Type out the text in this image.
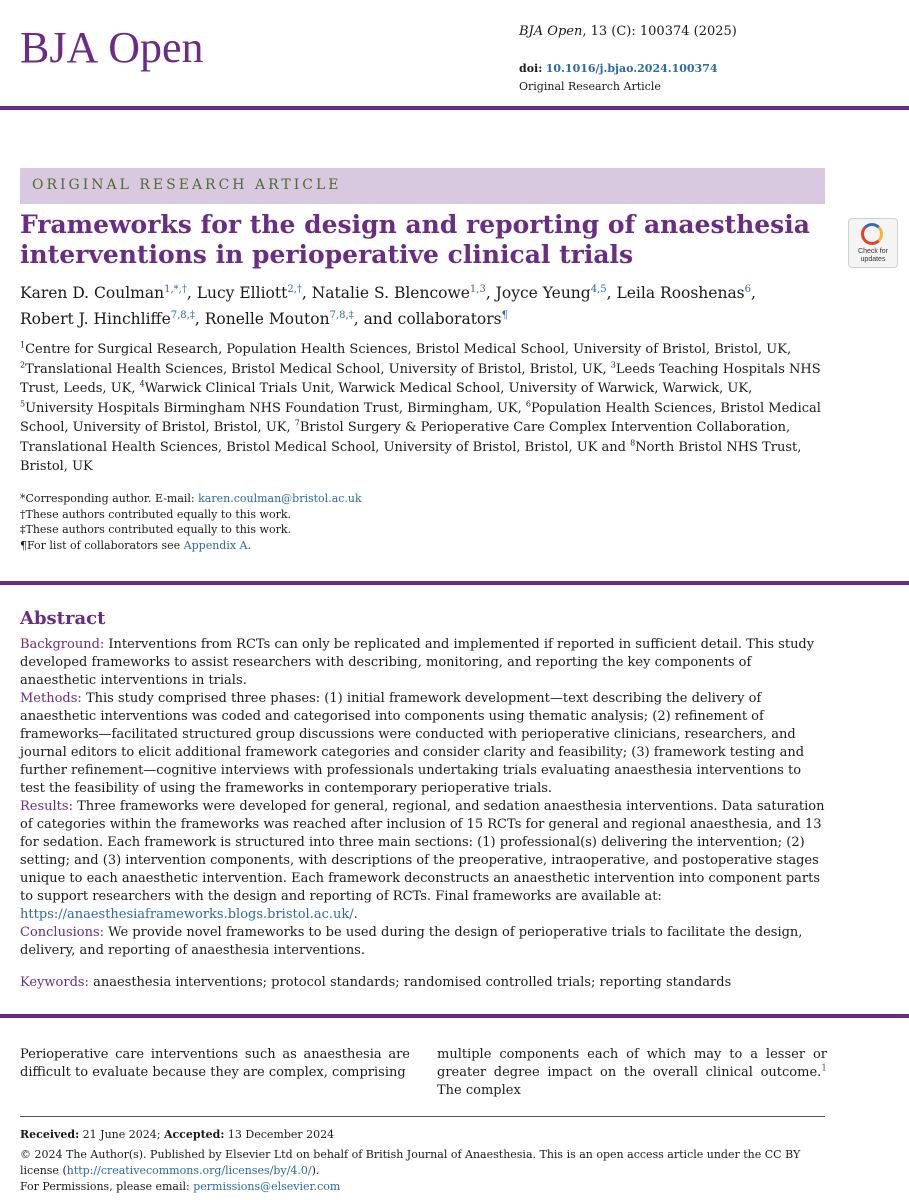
BJA Open	BJA Open, 13 (C): 100374 (2025)
doi: 10.1016/j.bjao.2024.100374
Original Research Article
ORIGINAL RESEARCH ARTICLE
Frameworks for the design and reporting of anaesthesia interventions in perioperative clinical trials	Check for updates
Karen D. Coulman$^{1,*,\dagger}$, Lucy Elliott$^{2,\dagger}$, Natalie S. Blencowe$^{1,3}$, Joyce Yeung$^{4,5}$, Leila Rooshenas$^6$,
Robert J. Hinchliffe$^{7,8,\ddagger}$, Ronelle Mouton$^{7,8,\ddagger}$, and collaborators¶
$^1$Centre for Surgical Research, Population Health Sciences, Bristol Medical School, University of Bristol, Bristol, UK, $^2$Translational Health Sciences, Bristol Medical School, University of Bristol, Bristol, UK, $^3$Leeds Teaching Hospitals NHS Trust, Leeds, UK, $^4$Warwick Clinical Trials Unit, Warwick Medical School, University of Warwick, Warwick, UK, $^5$University Hospitals Birmingham NHS Foundation Trust, Birmingham, UK, $^6$Population Health Sciences, Bristol Medical School, University of Bristol, Bristol, UK, $^7$Bristol Surgery & Perioperative Care Complex Intervention Collaboration, Translational Health Sciences, Bristol Medical School, University of Bristol, Bristol, UK and $^8$North Bristol NHS Trust, Bristol, UK
*Corresponding author. E-mail: karen.coulman@bristol.ac.uk
†These authors contributed equally to this work.
‡These authors contributed equally to this work.
¶For list of collaborators see Appendix A.
Abstract

Background: Interventions from RCTs can only be replicated and implemented if reported in sufficient detail. This study developed frameworks to assist researchers with describing, monitoring, and reporting the key components of anaesthetic interventions in trials.

Methods: This study comprised three phases: (1) initial framework development—text describing the delivery of anaesthetic interventions was coded and categorised into components using thematic analysis; (2) refinement of frameworks—facilitated structured group discussions were conducted with perioperative clinicians, researchers, and journal editors to elicit additional framework categories and consider clarity and feasibility; (3) framework testing and further refinement—cognitive interviews with professionals undertaking trials evaluating anaesthesia interventions to test the feasibility of using the frameworks in contemporary perioperative trials.

Results: Three frameworks were developed for general, regional, and sedation anaesthesia interventions. Data saturation of categories within the frameworks was reached after inclusion of 15 RCTs for general and regional anaesthesia, and 13 for sedation. Each framework is structured into three main sections: (1) professional(s) delivering the intervention; (2) setting; and (3) intervention components, with descriptions of the preoperative, intraoperative, and postoperative stages unique to each anaesthetic intervention. Each framework deconstructs an anaesthetic intervention into component parts to support researchers with the design and reporting of RCTs. Final frameworks are available at: https://anaesthesiaframeworks.blogs.bristol.ac.uk/.

Conclusions: We provide novel frameworks to be used during the design of perioperative trials to facilitate the design, delivery, and reporting of anaesthesia interventions.

Keywords: anaesthesia interventions; protocol standards; randomised controlled trials; reporting standards
Perioperative care interventions such as anaesthesia are difficult to evaluate because they are complex, comprising
multiple components each of which may to a lesser or greater degree impact on the overall clinical outcome.$^1$ The complex
Received: 21 June 2024; Accepted: 13 December 2024
© 2024 The Author(s). Published by Elsevier Ltd on behalf of British Journal of Anaesthesia. This is an open access article under the CC BY license (http://creativecommons.org/licenses/by/4.0/).
For Permissions, please email: permissions@elsevier.com
